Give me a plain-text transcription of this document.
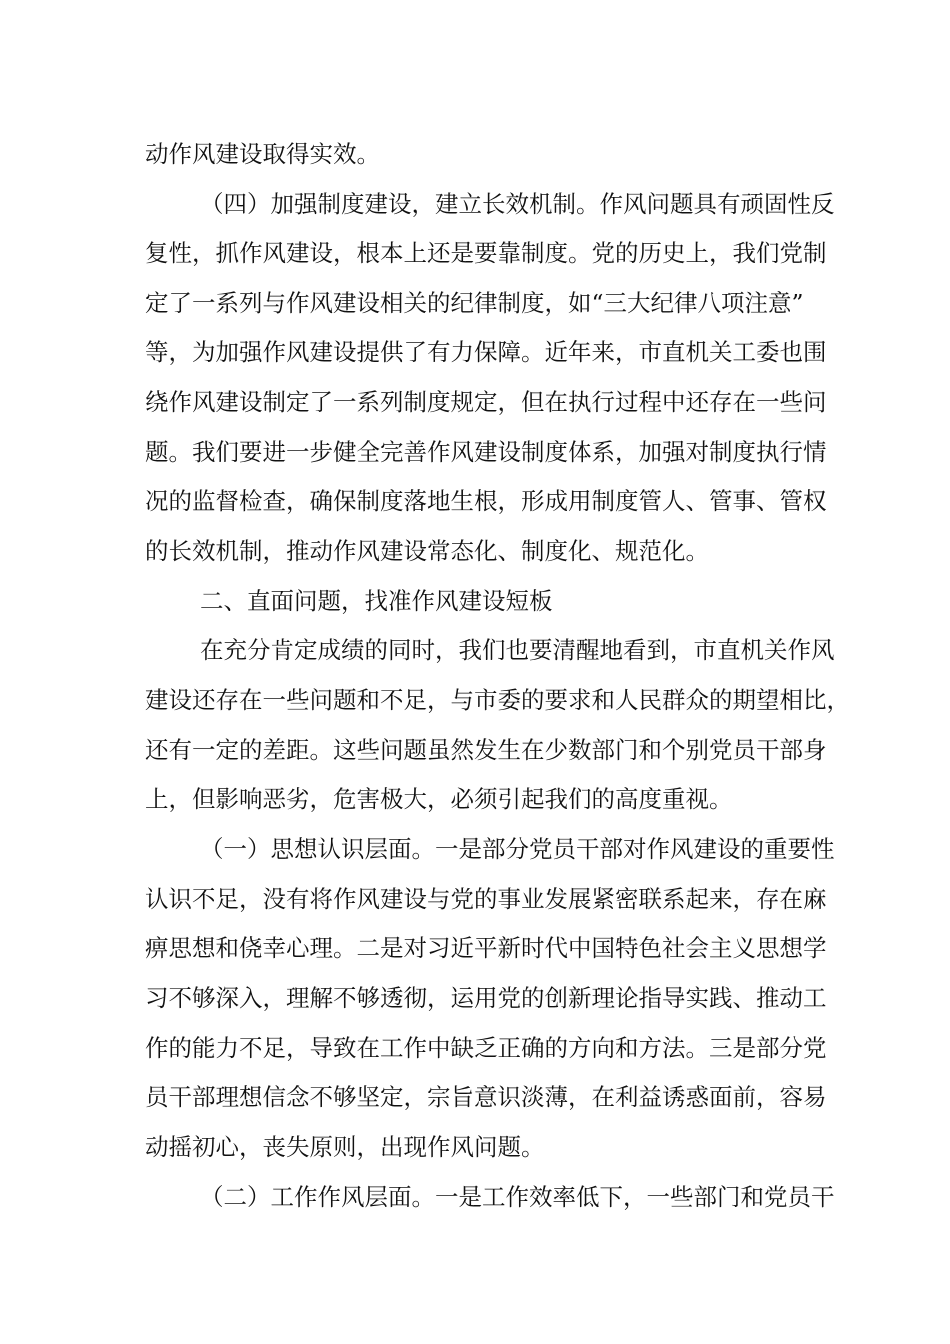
动作风建设取得实效。

（四）加强制度建设，建立长效机制。作风问题具有顽固性反

复性，抓作风建设，根本上还是要靠制度。党的历史上，我们党制

定了一系列与作风建设相关的纪律制度，如“三大纪律八项注意”

等，为加强作风建设提供了有力保障。近年来，市直机关工委也围

绕作风建设制定了一系列制度规定，但在执行过程中还存在一些问

题。我们要进一步健全完善作风建设制度体系，加强对制度执行情

况的监督检查，确保制度落地生根，形成用制度管人、管事、管权

的长效机制，推动作风建设常态化、制度化、规范化。

二、直面问题，找准作风建设短板

在充分肯定成绩的同时，我们也要清醒地看到，市直机关作风

建设还存在一些问题和不足，与市委的要求和人民群众的期望相比，

还有一定的差距。这些问题虽然发生在少数部门和个别党员干部身

上，但影响恶劣，危害极大，必须引起我们的高度重视。

（一）思想认识层面。一是部分党员干部对作风建设的重要性

认识不足，没有将作风建设与党的事业发展紧密联系起来，存在麻

痹思想和侥幸心理。二是对习近平新时代中国特色社会主义思想学

习不够深入，理解不够透彻，运用党的创新理论指导实践、推动工

作的能力不足，导致在工作中缺乏正确的方向和方法。三是部分党

员干部理想信念不够坚定，宗旨意识淡薄，在利益诱惑面前，容易

动摇初心，丧失原则，出现作风问题。

（二）工作作风层面。一是工作效率低下，一些部门和党员干
